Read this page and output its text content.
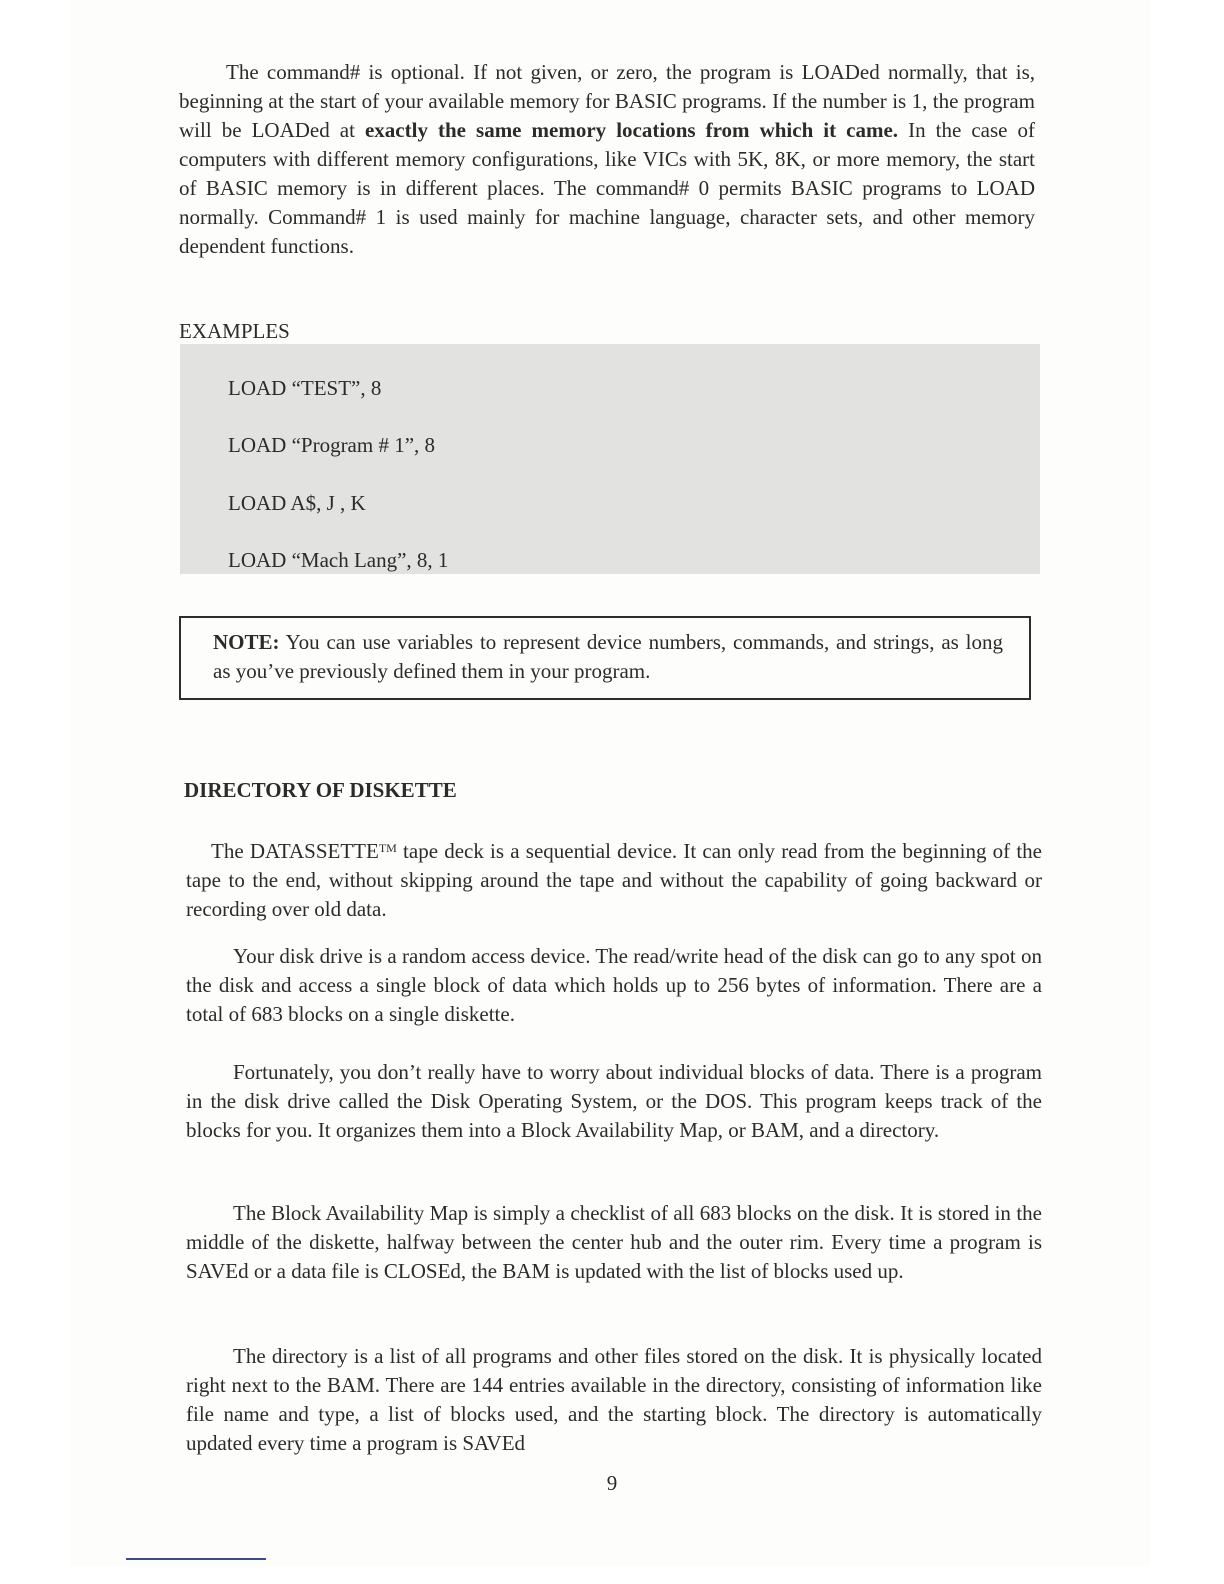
The command# is optional. If not given, or zero, the program is LOADed normally, that is, beginning at the start of your available memory for BASIC programs. If the number is 1, the program will be LOADed at exactly the same memory locations from which it came. In the case of computers with different memory configurations, like VICs with 5K, 8K, or more memory, the start of BASIC memory is in different places. The command# 0 permits BASIC programs to LOAD normally. Command# 1 is used mainly for machine language, character sets, and other memory dependent functions.

EXAMPLES

LOAD “TEST”, 8
LOAD “Program # 1”, 8
LOAD A$, J , K
LOAD “Mach Lang”, 8, 1

NOTE: You can use variables to represent device numbers, commands, and strings, as long as you’ve previously defined them in your program.

DIRECTORY OF DISKETTE

The DATASSETTE™ tape deck is a sequential device. It can only read from the beginning of the tape to the end, without skipping around the tape and without the capability of going backward or recording over old data.

Your disk drive is a random access device. The read/write head of the disk can go to any spot on the disk and access a single block of data which holds up to 256 bytes of information. There are a total of 683 blocks on a single diskette.

Fortunately, you don’t really have to worry about individual blocks of data. There is a program in the disk drive called the Disk Operating System, or the DOS. This program keeps track of the blocks for you. It organizes them into a Block Availability Map, or BAM, and a directory.

The Block Availability Map is simply a checklist of all 683 blocks on the disk. It is stored in the middle of the diskette, halfway between the center hub and the outer rim. Every time a program is SAVEd or a data file is CLOSEd, the BAM is updated with the list of blocks used up.

The directory is a list of all programs and other files stored on the disk. It is physically located right next to the BAM. There are 144 entries available in the directory, consisting of information like file name and type, a list of blocks used, and the starting block. The directory is automatically updated every time a program is SAVEd

9
